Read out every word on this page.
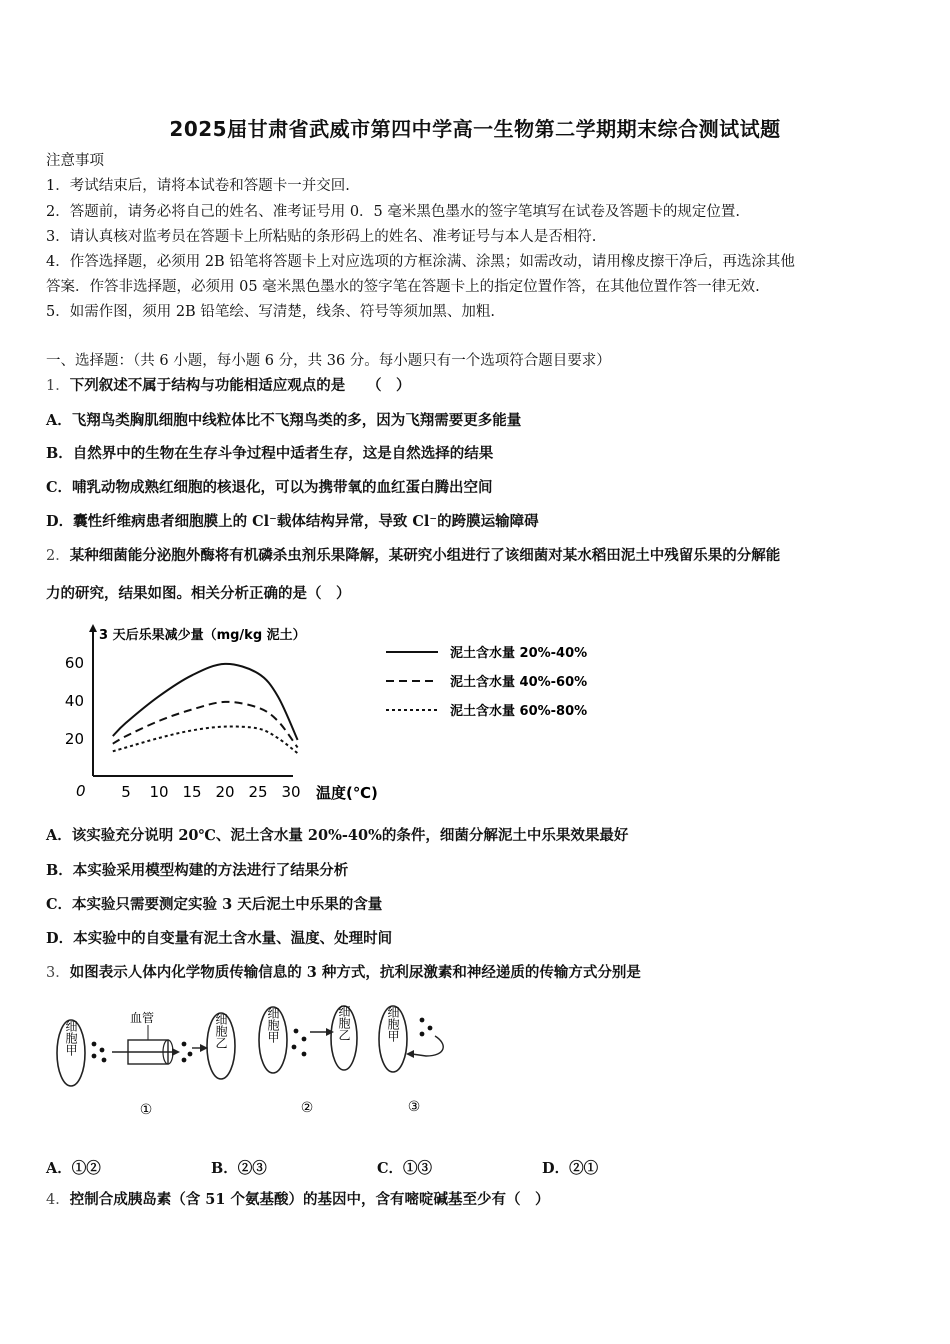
2025届甘肃省武威市第四中学高一生物第二学期期末综合测试试题
注意事项
1．考试结束后，请将本试卷和答题卡一并交回.
2．答题前，请务必将自己的姓名、准考证号用 0．5 毫米黑色墨水的签字笔填写在试卷及答题卡的规定位置.
3．请认真核对监考员在答题卡上所粘贴的条形码上的姓名、准考证号与本人是否相符.
4．作答选择题，必须用 2B 铅笔将答题卡上对应选项的方框涂满、涂黑；如需改动，请用橡皮擦干净后，再选涂其他
答案．作答非选择题，必须用 05 毫米黑色墨水的签字笔在答题卡上的指定位置作答，在其他位置作答一律无效.
5．如需作图，须用 2B 铅笔绘、写清楚，线条、符号等须加黑、加粗.
一、选择题：（共 6 小题，每小题 6 分，共 36 分。每小题只有一个选项符合题目要求）
1．下列叙述不属于结构与功能相适应观点的是　　（　）
A．飞翔鸟类胸肌细胞中线粒体比不飞翔鸟类的多，因为飞翔需要更多能量
B．自然界中的生物在生存斗争过程中适者生存，这是自然选择的结果
C．哺乳动物成熟红细胞的核退化，可以为携带氧的血红蛋白腾出空间
D．囊性纤维病患者细胞膜上的 Cl⁻载体结构异常，导致 Cl⁻的跨膜运输障碍
2．某种细菌能分泌胞外酶将有机磷杀虫剂乐果降解，某研究小组进行了该细菌对某水稻田泥土中残留乐果的分解能
力的研究，结果如图。相关分析正确的是（　）
3 天后乐果减少量（mg/kg 泥土）
0	温度(℃)
5 10 15 20 25 30
20
40
60
泥土含水量 20%-40%
泥土含水量 40%-60%
泥土含水量 60%-80%
A．该实验充分说明 20℃、泥土含水量 20%-40%的条件，细菌分解泥土中乐果效果最好
B．本实验采用模型构建的方法进行了结果分析
C．本实验只需要测定实验 3 天后泥土中乐果的含量
D．本实验中的自变量有泥土含水量、温度、处理时间
3．如图表示人体内化学物质传输信息的 3 种方式，抗利尿激素和神经递质的传输方式分别是
细胞甲
血管	细胞乙
①
细胞甲	细胞乙
②
细胞甲
③
A．①②	B．②③	C．①③	D．②①
4．控制合成胰岛素（含 51 个氨基酸）的基因中，含有嘧啶碱基至少有（　）
